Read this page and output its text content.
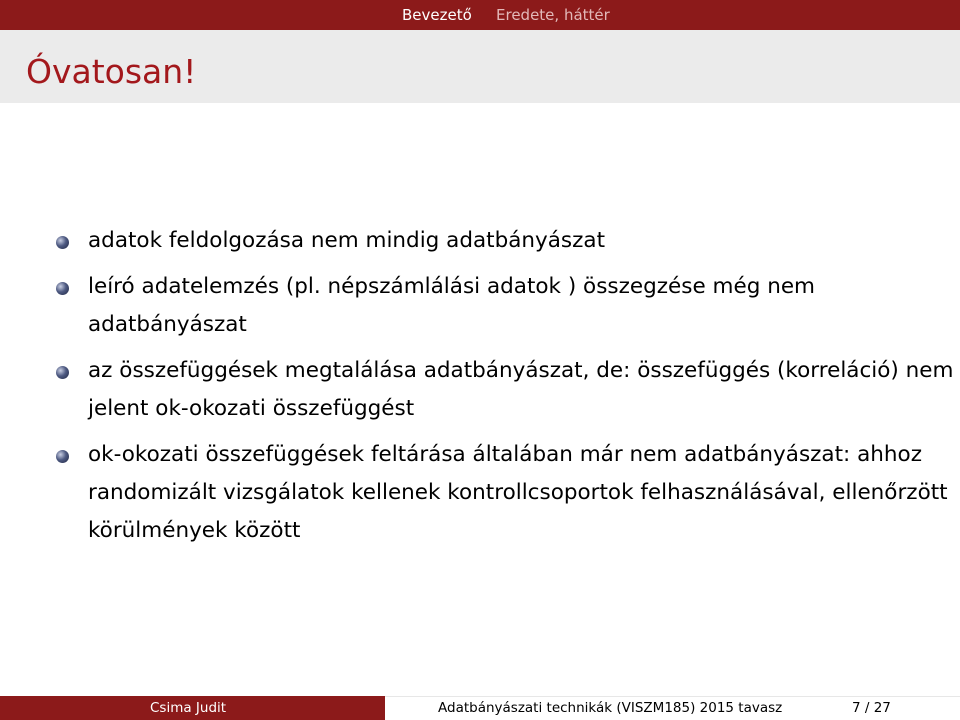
Bevezető Eredete, háttér
Óvatosan!
adatok feldolgozása nem mindig adatbányászat
leíró adatelemzés (pl. népszámlálási adatok ) összegzése még nem adatbányászat
az összefüggések megtalálása adatbányászat, de: összefüggés (korreláció) nem jelent ok-okozati összefüggést
ok-okozati összefüggések feltárása általában már nem adatbányászat: ahhoz randomizált vizsgálatok kellenek kontrollcsoportok felhasználásával, ellenőrzött körülmények között
Csima Judit	Adatbányászati technikák (VISZM185) 2015 tavasz	7 / 27
